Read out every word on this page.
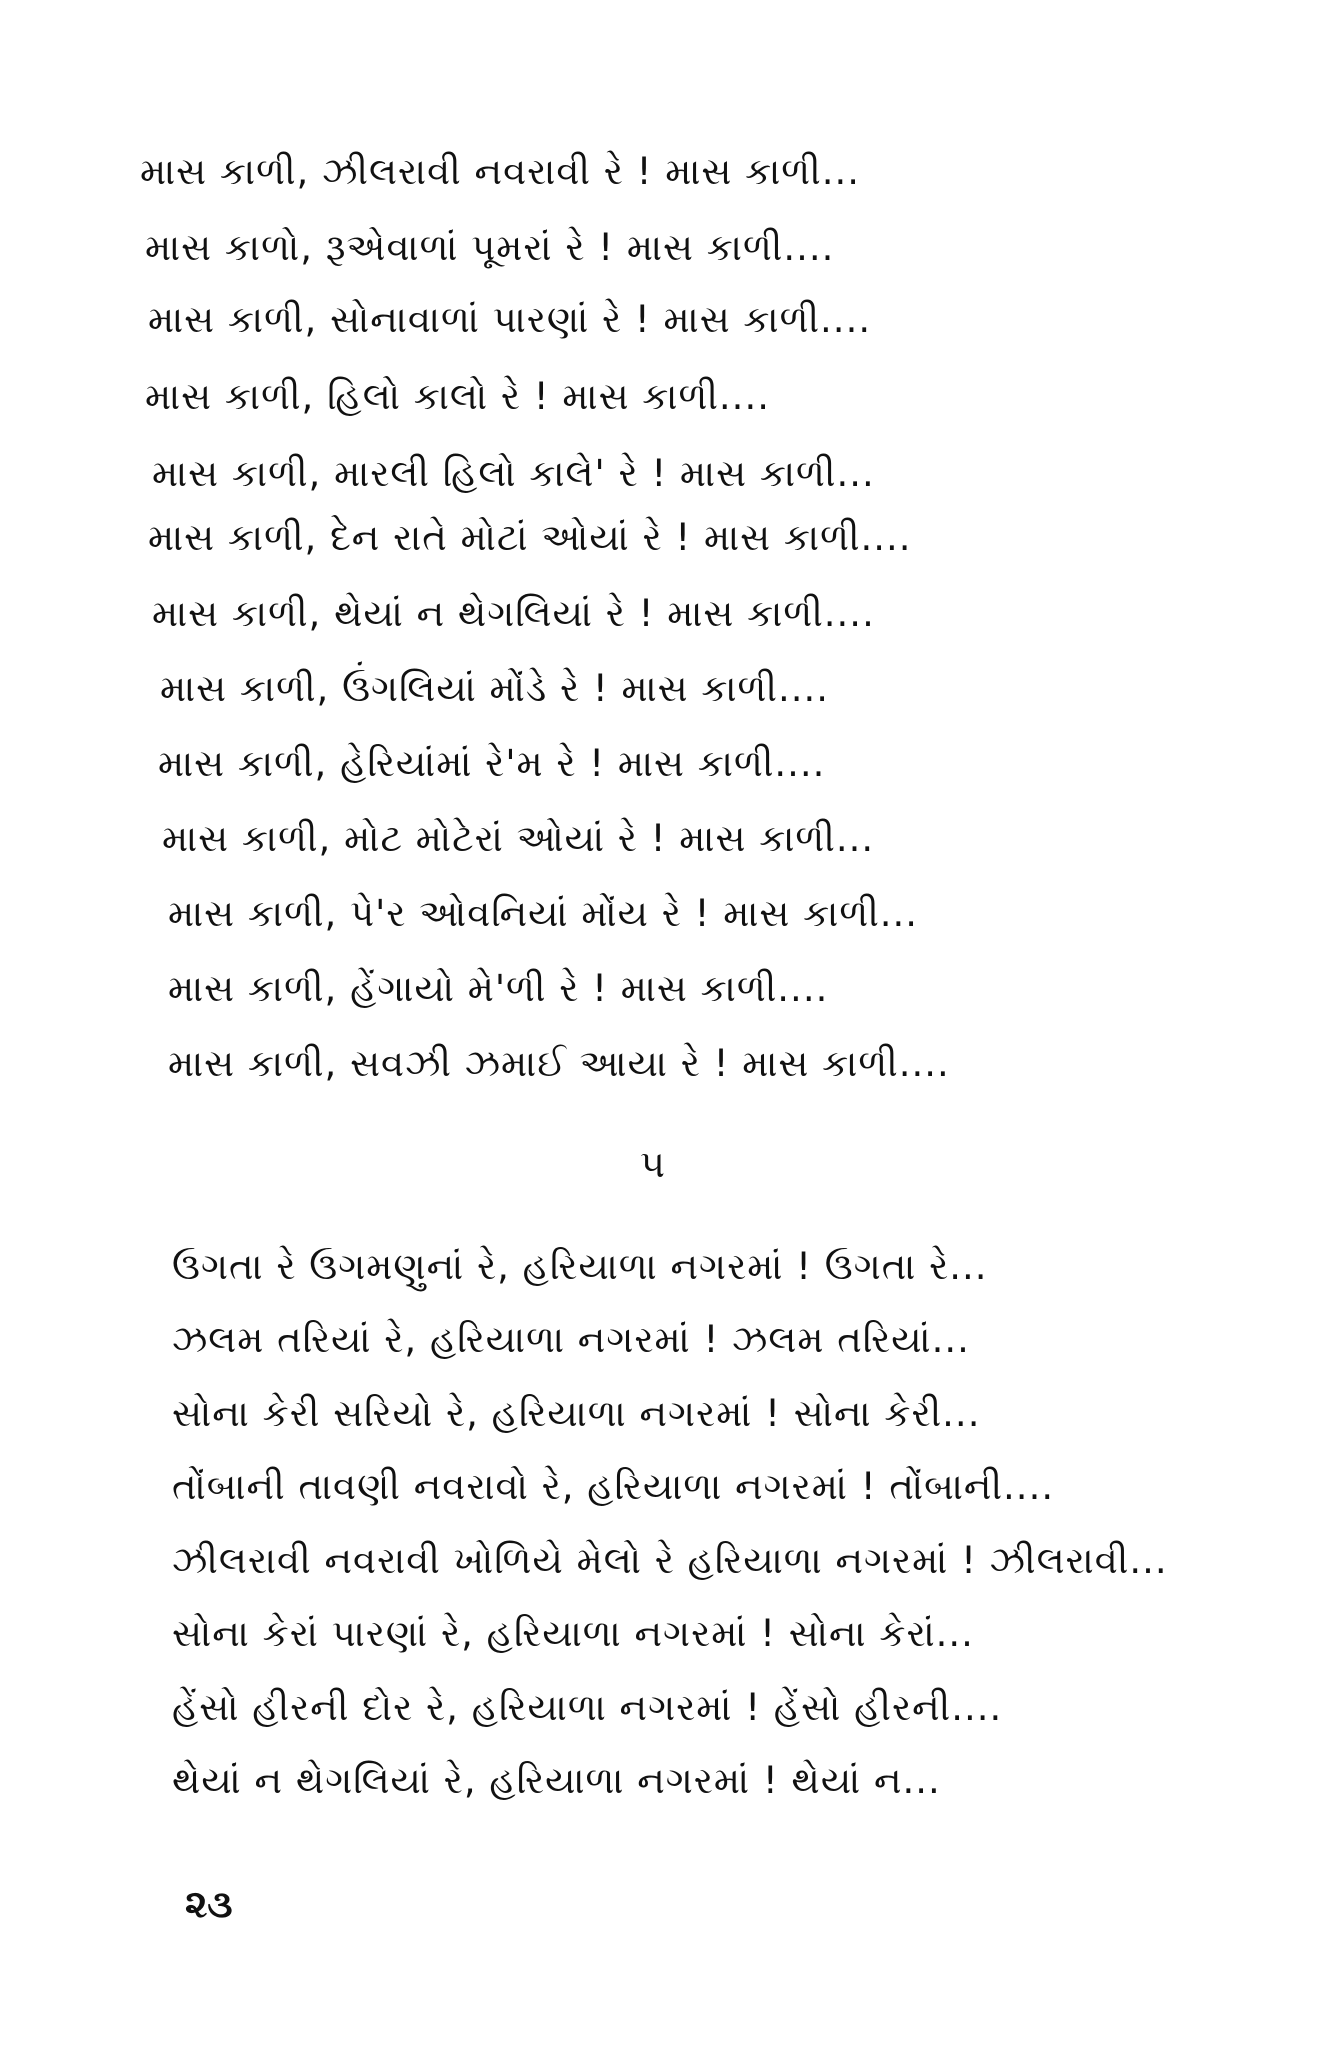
માસ કાળી, ઝીલરાવી નવરાવી રે ! માસ કાળી...
માસ કાળો, રૂએવાળાં પૂમરાં રે ! માસ કાળી....
માસ કાળી, સોનાવાળાં પારણાં રે ! માસ કાળી....
માસ કાળી, હિલો કાલો રે ! માસ કાળી....
માસ કાળી, મારલી હિલો કાલે' રે ! માસ કાળી...
માસ કાળી, દેન રાતે મોટાં ઓયાં રે ! માસ કાળી....
માસ કાળી, થેયાં ન થેગલિયાં રે ! માસ કાળી....
માસ કાળી, ઉંગલિયાં મોંડે રે ! માસ કાળી....
માસ કાળી, હેરિયાંમાં રે'મ રે ! માસ કાળી....
માસ કાળી, મોટ મોટેરાં ઓયાં રે ! માસ કાળી...
માસ કાળી, પે'ર ઓવનિયાં મોંય રે ! માસ કાળી...
માસ કાળી, હેંગાયો મે'ળી રે ! માસ કાળી....
માસ કાળી, સવઝી ઝમાઈ આયા રે ! માસ કાળી....
૫
ઉગતા રે ઉગમણુનાં રે, હરિયાળા નગરમાં ! ઉગતા રે...
ઝલમ તરિયાં રે, હરિયાળા નગરમાં ! ઝલમ તરિયાં...
સોના કેરી સરિયો રે, હરિયાળા નગરમાં ! સોના કેરી...
તોંબાની તાવણી નવરાવો રે, હરિયાળા નગરમાં ! તોંબાની....
ઝીલરાવી નવરાવી ખોળિયે મેલો રે હરિયાળા નગરમાં ! ઝીલરાવી...
સોના કેરાં પારણાં રે, હરિયાળા નગરમાં ! સોના કેરાં...
હેંસો હીરની દોર રે, હરિયાળા નગરમાં ! હેંસો હીરની....
થેયાં ન થેગલિયાં રે, હરિયાળા નગરમાં ! થેયાં ન...
૨૩
